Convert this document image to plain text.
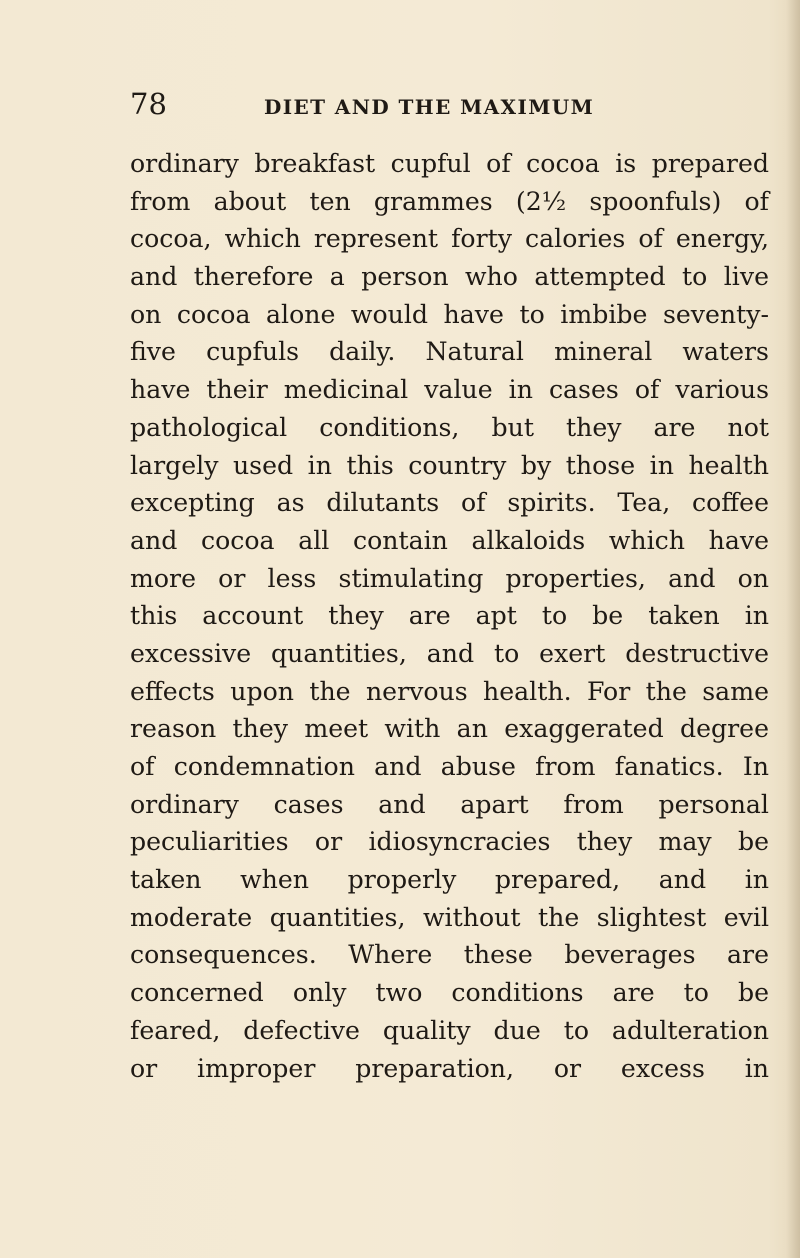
78	DIET AND THE MAXIMUM
ordinary breakfast cupful of cocoa is prepared
from about ten grammes (2½ spoonfuls) of
cocoa, which represent forty calories of energy,
and therefore a person who attempted to live
on cocoa alone would have to imbibe seventy-
five cupfuls daily. Natural mineral waters
have their medicinal value in cases of various
pathological conditions, but they are not
largely used in this country by those in health
excepting as dilutants of spirits. Tea, coffee
and cocoa all contain alkaloids which have
more or less stimulating properties, and on
this account they are apt to be taken in
excessive quantities, and to exert destructive
effects upon the nervous health. For the same
reason they meet with an exaggerated degree
of condemnation and abuse from fanatics. In
ordinary cases and apart from personal
peculiarities or idiosyncracies they may be
taken when properly prepared, and in
moderate quantities, without the slightest evil
consequences. Where these beverages are
concerned only two conditions are to be
feared, defective quality due to adulteration
or improper preparation, or excess in
